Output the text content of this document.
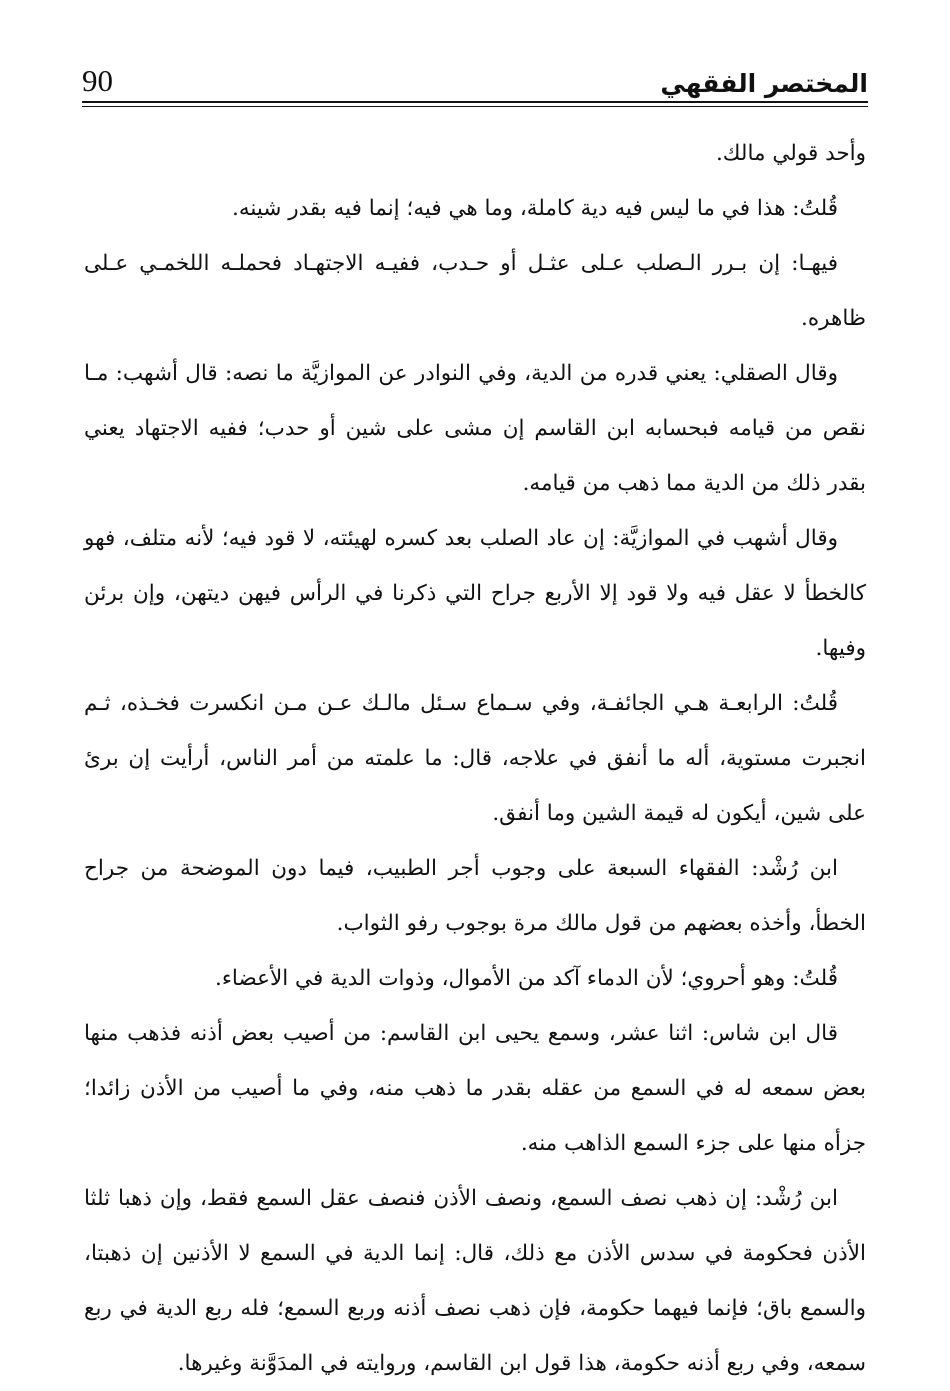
المختصر الفقهي
90

وأحد قولي مالك.

قُلتُ: هذا في ما ليس فيه دية كاملة، وما هي فيه؛ إنما فيه بقدر شينه.

فيهـا: إن بـرر الـصلب عـلى عثـل أو حـدب، ففيـه الاجتهـاد فحملـه اللخمـي عـلى ظاهره.

وقال الصقلي: يعني قدره من الدية، وفي النوادر عن الموازيَّة ما نصه: قال أشهب: مـا نقص من قيامه فبحسابه ابن القاسم إن مشى على شين أو حدب؛ ففيه الاجتهاد يعني بقدر ذلك من الدية مما ذهب من قيامه.

وقال أشهب في الموازيَّة: إن عاد الصلب بعد كسره لهيئته، لا قود فيه؛ لأنه متلف، فهو كالخطأ لا عقل فيه ولا قود إلا الأربع جراح التي ذكرنا في الرأس فيهن ديتهن، وإن برئن وفيها.

قُلتُ: الرابعـة هـي الجائفـة، وفي سـماع سـئل مالـك عـن مـن انكسرت فخـذه، ثـم انجبرت مستوية، أله ما أنفق في علاجه، قال: ما علمته من أمر الناس، أرأيت إن برئ على شين، أيكون له قيمة الشين وما أنفق.

ابن رُشْد: الفقهاء السبعة على وجوب أجر الطبيب، فيما دون الموضحة من جراح الخطأ، وأخذه بعضهم من قول مالك مرة بوجوب رفو الثواب.

قُلتُ: وهو أحروي؛ لأن الدماء آكد من الأموال، وذوات الدية في الأعضاء.

قال ابن شاس: اثنا عشر، وسمع يحيى ابن القاسم: من أصيب بعض أذنه فذهب منها بعض سمعه له في السمع من عقله بقدر ما ذهب منه، وفي ما أصيب من الأذن زائدا؛ جزأه منها على جزء السمع الذاهب منه.

ابن رُشْد: إن ذهب نصف السمع، ونصف الأذن فنصف عقل السمع فقط، وإن ذهبا ثلثا الأذن فحكومة في سدس الأذن مع ذلك، قال: إنما الدية في السمع لا الأذنين إن ذهبتا، والسمع باق؛ فإنما فيهما حكومة، فإن ذهب نصف أذنه وربع السمع؛ فله ربع الدية في ربع سمعه، وفي ربع أذنه حكومة، هذا قول ابن القاسم، وروايته في المدَوَّنة وغيرها.
